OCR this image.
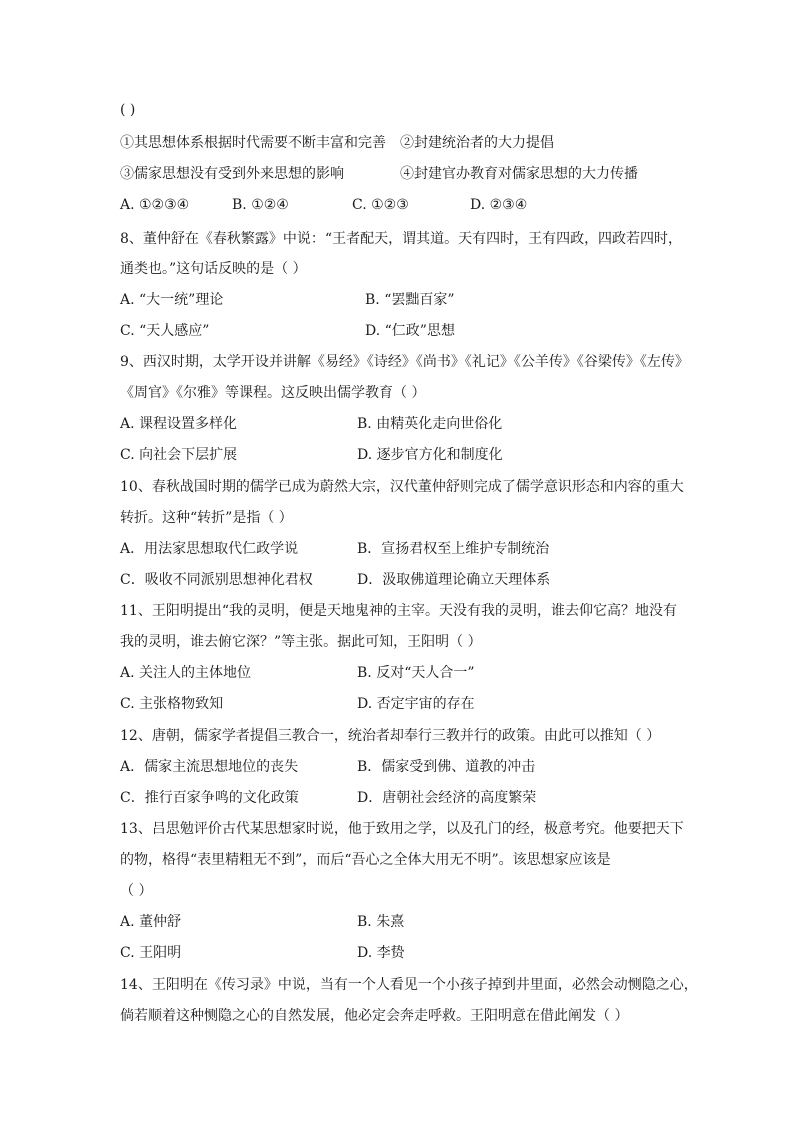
( )
①其思想体系根据时代需要不断丰富和完善 ②封建统治者的大力提倡
③儒家思想没有受到外来思想的影响	④封建官办教育对儒家思想的大力传播
A. ①②③④	B. ①②④	C. ①②③	D. ②③④
8、董仲舒在《春秋繁露》中说：“王者配天，谓其道。天有四时，王有四政，四政若四时，
通类也。”这句话反映的是（ ）
A. “大一统”理论	B. “罢黜百家”
C. “天人感应”	D. “仁政”思想
9、西汉时期，太学开设并讲解《易经》《诗经》《尚书》《礼记》《公羊传》《谷梁传》《左传》
《周官》《尔雅》等课程。这反映出儒学教育（ ）
A. 课程设置多样化	B. 由精英化走向世俗化
C. 向社会下层扩展	D. 逐步官方化和制度化
10、春秋战国时期的儒学已成为蔚然大宗，汉代董仲舒则完成了儒学意识形态和内容的重大
转折。这种“转折”是指（ ）
A．用法家思想取代仁政学说	B．宣扬君权至上维护专制统治
C．吸收不同派别思想神化君权	D．汲取佛道理论确立天理体系
11、王阳明提出“我的灵明，便是天地鬼神的主宰。天没有我的灵明，谁去仰它高？地没有
我的灵明，谁去俯它深？”等主张。据此可知，王阳明（ ）
A. 关注人的主体地位	B. 反对“天人合一”
C. 主张格物致知	D. 否定宇宙的存在
12、唐朝，儒家学者提倡三教合一，统治者却奉行三教并行的政策。由此可以推知（ ）
A．儒家主流思想地位的丧失	B．儒家受到佛、道教的冲击
C．推行百家争鸣的文化政策	D．唐朝社会经济的高度繁荣
13、吕思勉评价古代某思想家时说，他于致用之学，以及孔门的经，极意考究。他要把天下
的物，格得“表里精粗无不到”，而后“吾心之全体大用无不明”。该思想家应该是
（ ）
A. 董仲舒	B. 朱熹
C. 王阳明	D. 李贽
14、王阳明在《传习录》中说，当有一个人看见一个小孩子掉到井里面，必然会动恻隐之心，
倘若顺着这种恻隐之心的自然发展，他必定会奔走呼救。王阳明意在借此阐发（ ）
